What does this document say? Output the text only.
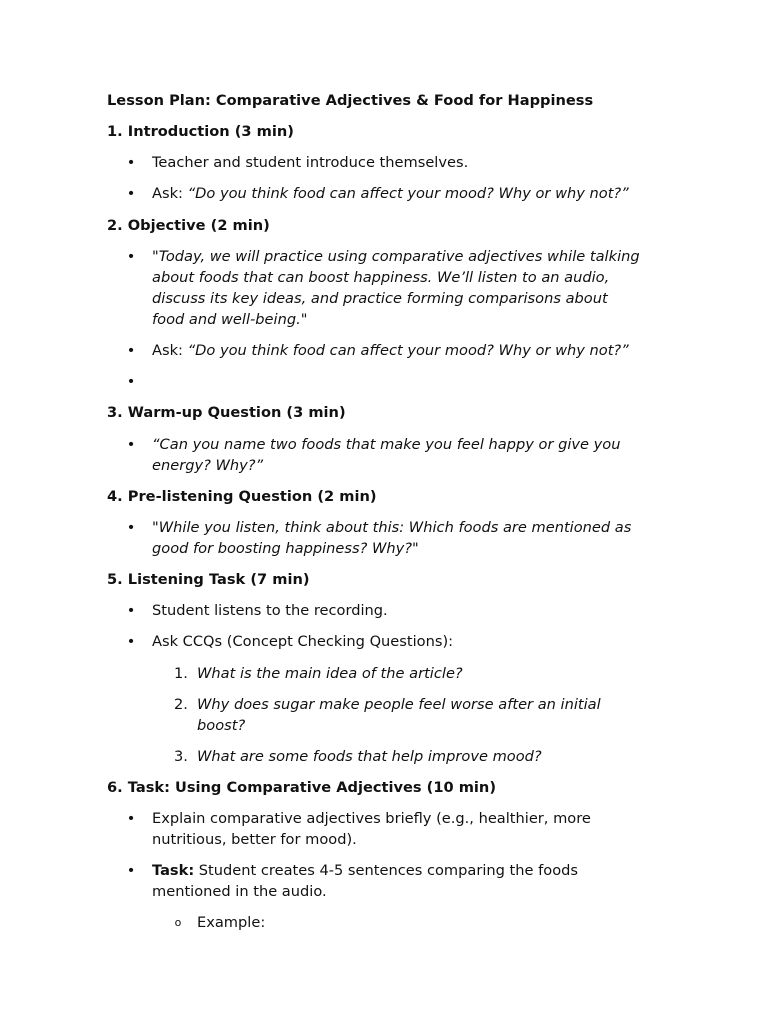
Lesson Plan: Comparative Adjectives & Food for Happiness
1. Introduction (3 min)
• Teacher and student introduce themselves.
• Ask: “Do you think food can affect your mood? Why or why not?”
2. Objective (2 min)
• "Today, we will practice using comparative adjectives while talking
about foods that can boost happiness. We’ll listen to an audio,
discuss its key ideas, and practice forming comparisons about
food and well-being."
• Ask: “Do you think food can affect your mood? Why or why not?”
•
3. Warm-up Question (3 min)
• “Can you name two foods that make you feel happy or give you
energy? Why?”
4. Pre-listening Question (2 min)
• "While you listen, think about this: Which foods are mentioned as
good for boosting happiness? Why?"
5. Listening Task (7 min)
• Student listens to the recording.
• Ask CCQs (Concept Checking Questions):
1. What is the main idea of the article?
2. Why does sugar make people feel worse after an initial
boost?
3. What are some foods that help improve mood?
6. Task: Using Comparative Adjectives (10 min)
• Explain comparative adjectives briefly (e.g., healthier, more
nutritious, better for mood).
• Task: Student creates 4-5 sentences comparing the foods
mentioned in the audio.
o Example:
